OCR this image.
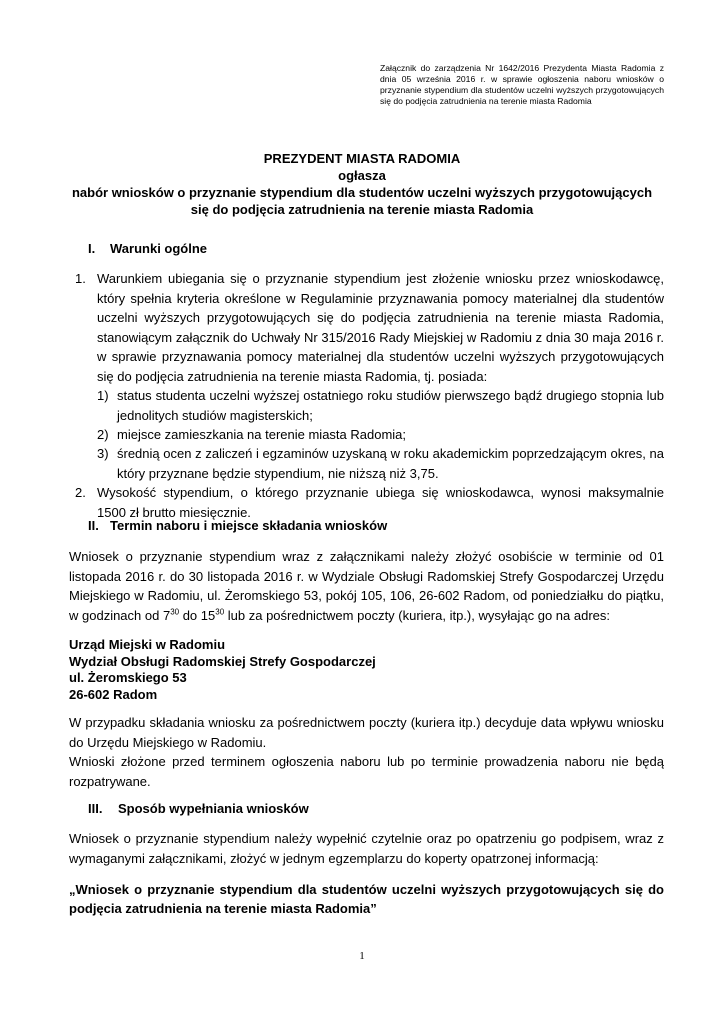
Załącznik do zarządzenia Nr 1642/2016 Prezydenta Miasta Radomia z dnia 05 września 2016 r. w sprawie ogłoszenia naboru wniosków o przyznanie stypendium dla studentów uczelni wyższych przygotowujących się do podjęcia zatrudnienia na terenie miasta Radomia
PREZYDENT MIASTA RADOMIA
ogłasza
nabór wniosków o przyznanie stypendium dla studentów uczelni wyższych przygotowujących
się do podjęcia zatrudnienia na terenie miasta Radomia
I. Warunki ogólne
1. Warunkiem ubiegania się o przyznanie stypendium jest złożenie wniosku przez wnioskodawcę, który spełnia kryteria określone w Regulaminie przyznawania pomocy materialnej dla studentów uczelni wyższych przygotowujących się do podjęcia zatrudnienia na terenie miasta Radomia, stanowiącym załącznik do Uchwały Nr 315/2016 Rady Miejskiej w Radomiu z dnia 30 maja 2016 r. w sprawie przyznawania pomocy materialnej dla studentów uczelni wyższych przygotowujących się do podjęcia zatrudnienia na terenie miasta Radomia, tj. posiada:
1) status studenta uczelni wyższej ostatniego roku studiów pierwszego bądź drugiego stopnia lub jednolitych studiów magisterskich;
2) miejsce zamieszkania na terenie miasta Radomia;
3) średnią ocen z zaliczeń i egzaminów uzyskaną w roku akademickim poprzedzającym okres, na który przyznane będzie stypendium, nie niższą niż 3,75.
2. Wysokość stypendium, o którego przyznanie ubiega się wnioskodawca, wynosi maksymalnie 1500 zł brutto miesięcznie.
II. Termin naboru i miejsce składania wniosków
Wniosek o przyznanie stypendium wraz z załącznikami należy złożyć osobiście w terminie od 01 listopada 2016 r. do 30 listopada 2016 r. w Wydziale Obsługi Radomskiej Strefy Gospodarczej Urzędu Miejskiego w Radomiu, ul. Żeromskiego 53, pokój 105, 106, 26-602 Radom, od poniedziałku do piątku, w godzinach od $7^{30}$ do $15^{30}$ lub za pośrednictwem poczty (kuriera, itp.), wysyłając go na adres:
Urząd Miejski w Radomiu
Wydział Obsługi Radomskiej Strefy Gospodarczej
ul. Żeromskiego 53
26-602 Radom
W przypadku składania wniosku za pośrednictwem poczty (kuriera itp.) decyduje data wpływu wniosku do Urzędu Miejskiego w Radomiu.
Wnioski złożone przed terminem ogłoszenia naboru lub po terminie prowadzenia naboru nie będą rozpatrywane.
III. Sposób wypełniania wniosków
Wniosek o przyznanie stypendium należy wypełnić czytelnie oraz po opatrzeniu go podpisem, wraz z wymaganymi załącznikami, złożyć w jednym egzemplarzu do koperty opatrzonej informacją:
„Wniosek o przyznanie stypendium dla studentów uczelni wyższych przygotowujących się do podjęcia zatrudnienia na terenie miasta Radomia”
1
